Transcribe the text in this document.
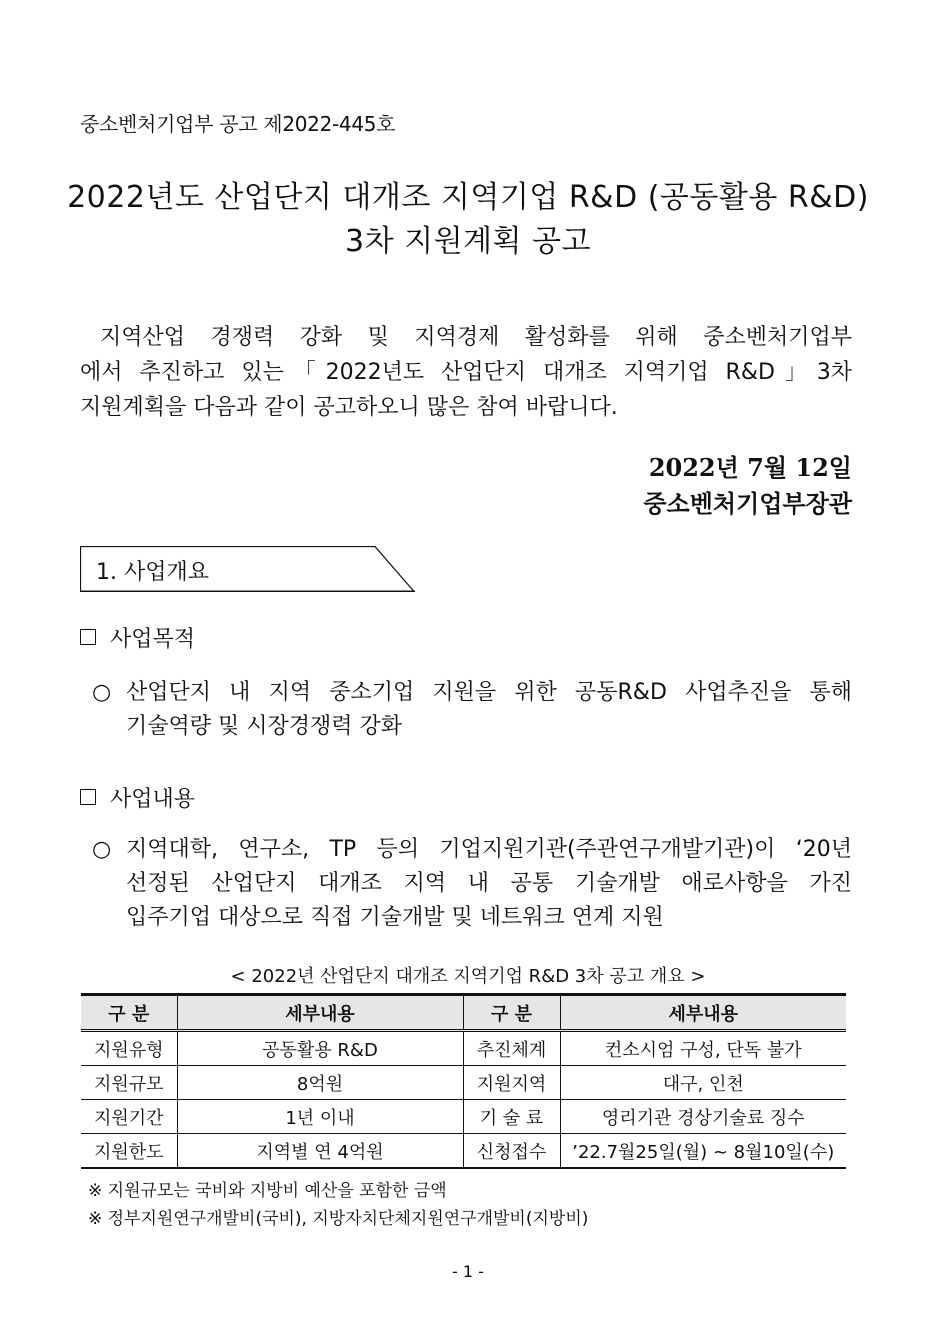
중소벤처기업부 공고 제2022-445호
2022년도 산업단지 대개조 지역기업 R&D (공동활용 R&D)
3차 지원계획 공고
지역산업 경쟁력 강화 및 지역경제 활성화를 위해 중소벤처기업부
에서 추진하고 있는「2022년도 산업단지 대개조 지역기업 R&D」3차
지원계획을 다음과 같이 공고하오니 많은 참여 바랍니다.
2022년 7월 12일
중소벤처기업부장관
1. 사업개요
사업목적
○ 산업단지 내 지역 중소기업 지원을 위한 공동R&D 사업추진을 통해
기술역량 및 시장경쟁력 강화
사업내용
○ 지역대학, 연구소, TP 등의 기업지원기관(주관연구개발기관)이 ‘20년
선정된 산업단지 대개조 지역 내 공통 기술개발 애로사항을 가진
입주기업 대상으로 직접 기술개발 및 네트워크 연계 지원
< 2022년 산업단지 대개조 지역기업 R&D 3차 공고 개요 >
구 분	세부내용	구 분	세부내용
지원유형	공동활용 R&D	추진체계	컨소시엄 구성, 단독 불가
지원규모	8억원	지원지역	대구, 인천
지원기간	1년 이내	기 술 료	영리기관 경상기술료 징수
지원한도	지역별 연 4억원	신청접수	’22.7월25일(월) ~ 8월10일(수)
※ 지원규모는 국비와 지방비 예산을 포함한 금액
※ 정부지원연구개발비(국비), 지방자치단체지원연구개발비(지방비)
- 1 -
